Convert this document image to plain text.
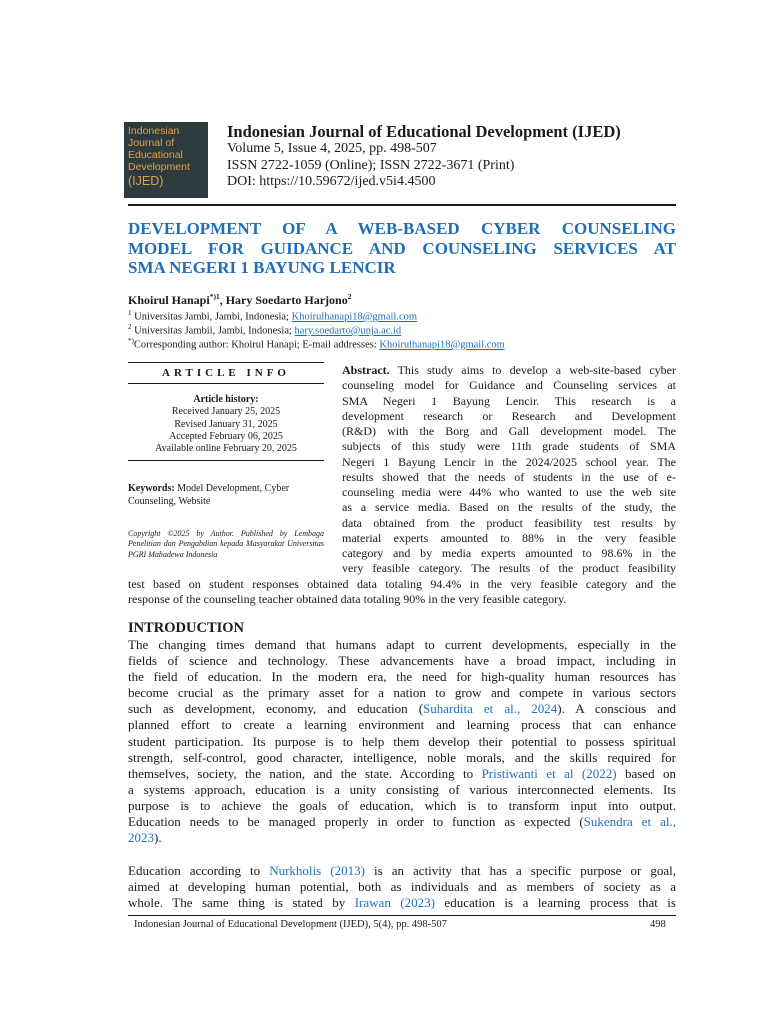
Indonesian
Journal of
Educational
Development
(IJED)
Indonesian Journal of Educational Development (IJED)
Volume 5, Issue 4, 2025, pp. 498-507
ISSN 2722-1059 (Online); ISSN 2722-3671 (Print)
DOI: https://10.59672/ijed.v5i4.4500
DEVELOPMENT OF A WEB-BASED CYBER COUNSELING
MODEL FOR GUIDANCE AND COUNSELING SERVICES AT
SMA NEGERI 1 BAYUNG LENCIR
Khoirul Hanapi$^{*)1}$, Hary Soedarto Harjono$^2$
$^1$ Universitas Jambi, Jambi, Indonesia; Khoirulhanapi18@gmail.com
$^2$ Universitas Jambii, Jambi, Indonesia; hary.soedarto@unja.ac.id
*)Corresponding author: Khoirul Hanapi; E-mail addresses: Khoirulhanapi18@gmail.com
ARTICLE INFO
Article history:
Received January 25, 2025
Revised January 31, 2025
Accepted February 06, 2025
Available online February 20, 2025
Keywords: Model Development, Cyber Counseling, Website
Copyright ©2025 by Author. Published by Lembaga Penelitian dan Pengabdian kepada Masyarakat Universitas PGRI Mahadewa Indonesia
Abstract. This study aims to develop a web-site-based cyber
counseling model for Guidance and Counseling services at
SMA Negeri 1 Bayung Lencir. This research is a
development research or Research and Development
(R&D) with the Borg and Gall development model. The
subjects of this study were 11th grade students of SMA
Negeri 1 Bayung Lencir in the 2024/2025 school year. The
results showed that the needs of students in the use of e-
counseling media were 44% who wanted to use the web site
as a service media. Based on the results of the study, the
data obtained from the product feasibility test results by
material experts amounted to 88% in the very feasible
category and by media experts amounted to 98.6% in the
very feasible category. The results of the product feasibility
test based on student responses obtained data totaling 94.4% in the very feasible category and the
response of the counseling teacher obtained data totaling 90% in the very feasible category.
INTRODUCTION
The changing times demand that humans adapt to current developments, especially in the
fields of science and technology. These advancements have a broad impact, including in
the field of education. In the modern era, the need for high-quality human resources has
become crucial as the primary asset for a nation to grow and compete in various sectors
such as development, economy, and education (Suhardita et al., 2024). A conscious and
planned effort to create a learning environment and learning process that can enhance
student participation. Its purpose is to help them develop their potential to possess spiritual
strength, self-control, good character, intelligence, noble morals, and the skills required for
themselves, society, the nation, and the state. According to Pristiwanti et al (2022) based on
a systems approach, education is a unity consisting of various interconnected elements. Its
purpose is to achieve the goals of education, which is to transform input into output.
Education needs to be managed properly in order to function as expected (Sukendra et al.,
2023).
Education according to Nurkholis (2013) is an activity that has a specific purpose or goal,
aimed at developing human potential, both as individuals and as members of society as a
whole. The same thing is stated by Irawan (2023) education is a learning process that is
Indonesian Journal of Educational Development (IJED), 5(4), pp. 498-507	498
